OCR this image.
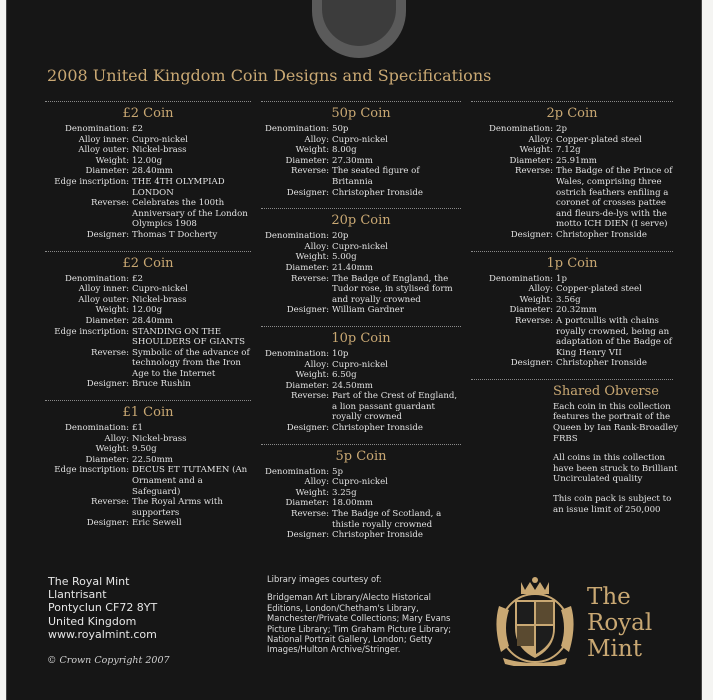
2008 United Kingdom Coin Designs and Specifications
£2 Coin
Denomination: £2
Alloy inner: Cupro-nickel
Alloy outer: Nickel-brass
Weight: 12.00g
Diameter: 28.40mm
Edge inscription: THE 4TH OLYMPIAD LONDON
Reverse: Celebrates the 100th Anniversary of the London Olympics 1908
Designer: Thomas T Docherty
£2 Coin
Denomination: £2
Alloy inner: Cupro-nickel
Alloy outer: Nickel-brass
Weight: 12.00g
Diameter: 28.40mm
Edge inscription: STANDING ON THE SHOULDERS OF GIANTS
Reverse: Symbolic of the advance of technology from the Iron Age to the Internet
Designer: Bruce Rushin
£1 Coin
Denomination: £1
Alloy: Nickel-brass
Weight: 9.50g
Diameter: 22.50mm
Edge inscription: DECUS ET TUTAMEN (An Ornament and a Safeguard)
Reverse: The Royal Arms with supporters
Designer: Eric Sewell
50p Coin
Denomination: 50p
Alloy: Cupro-nickel
Weight: 8.00g
Diameter: 27.30mm
Reverse: The seated figure of Britannia
Designer: Christopher Ironside
20p Coin
Denomination: 20p
Alloy: Cupro-nickel
Weight: 5.00g
Diameter: 21.40mm
Reverse: The Badge of England, the Tudor rose, in stylised form and royally crowned
Designer: William Gardner
10p Coin
Denomination: 10p
Alloy: Cupro-nickel
Weight: 6.50g
Diameter: 24.50mm
Reverse: Part of the Crest of England, a lion passant guardant royally crowned
Designer: Christopher Ironside
5p Coin
Denomination: 5p
Alloy: Cupro-nickel
Weight: 3.25g
Diameter: 18.00mm
Reverse: The Badge of Scotland, a thistle royally crowned
Designer: Christopher Ironside
2p Coin
Denomination: 2p
Alloy: Copper-plated steel
Weight: 7.12g
Diameter: 25.91mm
Reverse: The Badge of the Prince of Wales, comprising three ostrich feathers enfiling a coronet of crosses pattee and fleurs-de-lys with the motto ICH DIEN (I serve)
Designer: Christopher Ironside
1p Coin
Denomination: 1p
Alloy: Copper-plated steel
Weight: 3.56g
Diameter: 20.32mm
Reverse: A portcullis with chains royally crowned, being an adaptation of the Badge of King Henry VII
Designer: Christopher Ironside
Shared Obverse

Each coin in this collection features the portrait of the Queen by Ian Rank-Broadley FRBS

All coins in this collection have been struck to Brilliant Uncirculated quality

This coin pack is subject to an issue limit of 250,000

The Royal Mint
Llantrisant
Pontyclun CF72 8YT
United Kingdom
www.royalmint.com
© Crown Copyright 2007
Library images courtesy of:
Bridgeman Art Library/Alecto Historical Editions, London/Chetham's Library, Manchester/Private Collections; Mary Evans Picture Library; Tim Graham Picture Library; National Portrait Gallery, London; Getty Images/Hulton Archive/Stringer.
The
Royal
Mint
